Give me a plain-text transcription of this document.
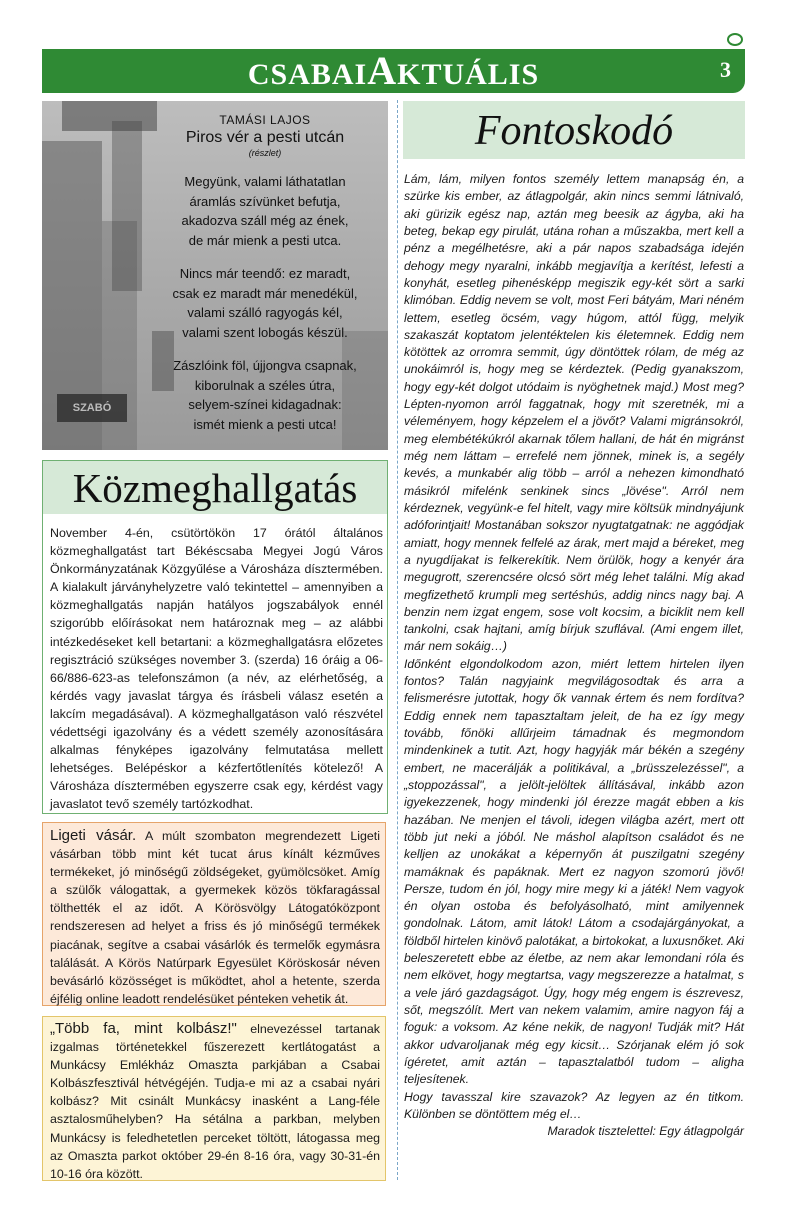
CSABAIAKTUÁLIS	3
TAMÁSI LAJOS
Piros vér a pesti utcán
(részlet)
Megyünk, valami láthatatlan
áramlás szívünket befutja,
akadozva száll még az ének,
de már mienk a pesti utca.
Nincs már teendő: ez maradt,
csak ez maradt már menedékül,
valami szálló ragyogás kél,
valami szent lobogás készül.
Zászlóink föl, újjongva csapnak,
kiborulnak a széles útra,
selyem-színei kidagadnak:
ismét mienk a pesti utca!
SZABÓ
Közmeghallgatás

November 4-én, csütörtökön 17 órától általános közmeghallgatást tart Békéscsaba Megyei Jogú Város Önkormányzatának Közgyűlése a Városháza dísztermében. A kialakult járványhelyzetre való tekintettel – amennyiben a közmeghallgatás napján hatályos jogszabályok ennél szigorúbb előírásokat nem határoznak meg – az alábbi intézkedéseket kell betartani: a közmeghallgatásra előzetes regisztráció szükséges november 3. (szerda) 16 óráig a 06-66/886-623-as telefonszámon (a név, az elérhetőség, a kérdés vagy javaslat tárgya és írásbeli válasz esetén a lakcím megadásával). A közmeghallgatáson való részvétel védettségi igazolvány és a védett személy azonosítására alkalmas fényképes igazolvány felmutatása mellett lehetséges. Belépéskor a kézfertőtlenítés kötelező! A Városháza dísztermében egyszerre csak egy, kérdést vagy javaslatot tevő személy tartózkodhat.

Ligeti vásár. A múlt szombaton megrendezett Ligeti vásárban több mint két tucat árus kínált kézműves termékeket, jó minőségű zöldségeket, gyümölcsöket. Amíg a szülők válogattak, a gyermekek közös tökfaragással tölthették el az időt. A Körösvölgy Látogatóközpont rendszeresen ad helyet a friss és jó minőségű termékek piacának, segítve a csabai vásárlók és termelők egymásra találását. A Körös Natúrpark Egyesület Köröskosár néven bevásárló közösséget is működtet, ahol a hetente, szerda éjfélig online leadott rendelésüket pénteken vehetik át.
„Több fa, mint kolbász!" elnevezéssel tartanak izgalmas történetekkel fűszerezett kertlátogatást a Munkácsy Emlékház Omaszta parkjában a Csabai Kolbászfesztivál hétvégéjén. Tudja-e mi az a csabai nyári kolbász? Mit csinált Munkácsy inasként a Lang-féle asztalosműhelyben? Ha sétálna a parkban, melyben Munkácsy is feledhetetlen perceket töltött, látogassa meg az Omaszta parkot október 29-én 8-16 óra, vagy 30-31-én 10-16 óra között.
Fontoskodó

Lám, lám, milyen fontos személy lettem manapság én, a szürke kis ember, az átlagpolgár, akin nincs semmi látnivaló, aki gürizik egész nap, aztán meg beesik az ágyba, aki ha beteg, bekap egy pirulát, utána rohan a műszakba, mert kell a pénz a megélhetésre, aki a pár napos szabadsága idején dehogy megy nyaralni, inkább megjavítja a kerítést, lefesti a konyhát, esetleg pihenésképp megiszik egy-két sört a sarki klimóban. Eddig nevem se volt, most Feri bátyám, Mari néném lettem, esetleg öcsém, vagy húgom, attól függ, melyik szakaszát koptatom jelentéktelen kis életemnek. Eddig nem kötöttek az orromra semmit, úgy döntöttek rólam, de még az unokáimról is, hogy meg se kérdeztek. (Pedig gyanakszom, hogy egy-két dolgot utódaim is nyöghetnek majd.) Most meg? Lépten-nyomon arról faggatnak, hogy mit szeretnék, mi a véleményem, hogy képzelem el a jövőt? Valami migránsokról, meg elembétékúkról akarnak tőlem hallani, de hát én migránst még nem láttam – errefelé nem jönnek, minek is, a segély kevés, a munkabér alig több – arról a nehezen kimondható másikról mifelénk senkinek sincs „lövése". Arról nem kérdeznek, vegyünk-e fel hitelt, vagy mire költsük mindnyájunk adóforintjait! Mostanában sokszor nyugtatgatnak: ne aggódjak amiatt, hogy mennek felfelé az árak, mert majd a béreket, meg a nyugdíjakat is felkerekítik. Nem örülök, hogy a kenyér ára megugrott, szerencsére olcsó sört még lehet találni. Míg akad megfizethető krumpli meg sertéshús, addig nincs nagy baj. A benzin nem izgat engem, sose volt kocsim, a biciklit nem kell tankolni, csak hajtani, amíg bírjuk szuflával. (Ami engem illet, már nem sokáig…)

Időnként elgondolkodom azon, miért lettem hirtelen ilyen fontos? Talán nagyjaink megvilágosodtak és arra a felismerésre jutottak, hogy ők vannak értem és nem fordítva? Eddig ennek nem tapasztaltam jeleit, de ha ez így megy tovább, főnöki allűrjeim támadnak és megmondom mindenkinek a tutit. Azt, hogy hagyják már békén a szegény embert, ne macerálják a politikával, a „brüsszelezéssel", a „stoppozással", a jelölt-jelöltek állításával, inkább azon igyekezzenek, hogy mindenki jól érezze magát ebben a kis hazában. Ne menjen el távoli, idegen világba azért, mert ott több jut neki a jóból. Ne máshol alapítson családot és ne kelljen az unokákat a képernyőn át puszilgatni szegény mamáknak és papáknak. Mert ez nagyon szomorú jövő! Persze, tudom én jól, hogy mire megy ki a játék! Nem vagyok én olyan ostoba és befolyásolható, mint amilyennek gondolnak. Látom, amit látok! Látom a csodajárgányokat, a földből hirtelen kinövő palotákat, a birtokokat, a luxusnőket. Aki beleszeretett ebbe az életbe, az nem akar lemondani róla és nem elkövet, hogy megtartsa, vagy megszerezze a hatalmat, s a vele járó gazdagságot. Úgy, hogy még engem is észrevesz, sőt, megszólít. Mert van nekem valamim, amire nagyon fáj a foguk: a voksom. Az kéne nekik, de nagyon! Tudják mit? Hát akkor udvaroljanak még egy kicsit… Szórjanak elém jó sok ígéretet, amit aztán – tapasztalatból tudom – aligha teljesítenek.

Hogy tavasszal kire szavazok? Az legyen az én titkom. Különben se döntöttem még el…

Maradok tisztelettel: Egy átlagpolgár
